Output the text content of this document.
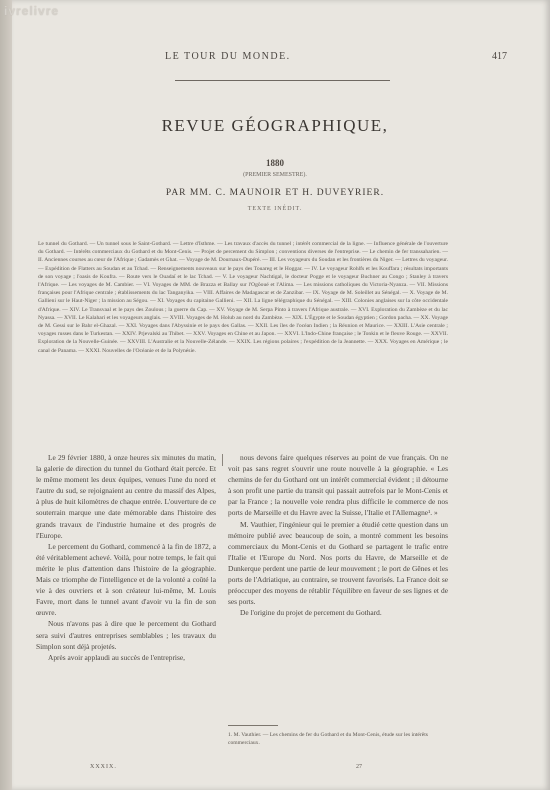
ivrelivre
LE TOUR DU MONDE.	417
REVUE GÉOGRAPHIQUE,
1880
(PREMIER SEMESTRE).
PAR MM. C. MAUNOIR ET H. DUVEYRIER.
TEXTE INÉDIT.
Le tunnel du Gothard. — Un tunnel sous le Saint-Gothard. — Lettre d'Isthme. — Les travaux d'accès du tunnel ; intérêt commercial de la ligne. — Influence générale de l'ouverture du Gothard. — Intérêts commerciaux du Gothard et du Mont-Cenis. — Projet de percement du Simplon ; conventions diverses de l'entreprise. — Le chemin de fer transsaharien. — II. Anciennes courses au cœur de l'Afrique ; Gadamès et Ghat. — Voyage de M. Dournaux-Dupéré. — III. Les voyageurs du Soudan et les frontières du Niger. — Lettres du voyageur. — Expédition de Flatters au Soudan et au Tchad. — Renseignements nouveaux sur le pays des Touareg et le Hoggar. — IV. Le voyageur Rohlfs et les Kouffara ; résultats importants de son voyage ; l'oasis de Koufra. — Route vers le Ouadaï et le lac Tchad. — V. Le voyageur Nachtigal, le docteur Pogge et le voyageur Buchner au Congo ; Stanley à travers l'Afrique. — Les voyages de M. Cambier. — VI. Voyages de MM. de Brazza et Ballay sur l'Ogôoué et l'Alima. — Les missions catholiques du Victoria-Nyanza. — VII. Missions françaises pour l'Afrique centrale ; établissements du lac Tanganyika. — VIII. Affaires de Madagascar et de Zanzibar. — IX. Voyage de M. Soleillet au Sénégal. — X. Voyage de M. Gallieni sur le Haut-Niger ; la mission au Ségou. — XI. Voyages du capitaine Gallieni. — XII. La ligne télégraphique du Sénégal. — XIII. Colonies anglaises sur la côte occidentale d'Afrique. — XIV. Le Transvaal et le pays des Zoulous ; la guerre du Cap. — XV. Voyage de M. Serpa Pinto à travers l'Afrique australe. — XVI. Exploration du Zambèze et du lac Nyassa. — XVII. Le Kalahari et les voyageurs anglais. — XVIII. Voyages de M. Holub au nord du Zambèze. — XIX. L'Égypte et le Soudan égyptien ; Gordon pacha. — XX. Voyage de M. Gessi sur le Bahr el-Ghazal. — XXI. Voyages dans l'Abyssinie et le pays des Gallas. — XXII. Les îles de l'océan Indien ; la Réunion et Maurice. — XXIII. L'Asie centrale ; voyages russes dans le Turkestan. — XXIV. Prjevalski au Thibet. — XXV. Voyages en Chine et au Japon. — XXVI. L'Indo-Chine française ; le Tonkin et le fleuve Rouge. — XXVII. Exploration de la Nouvelle-Guinée. — XXVIII. L'Australie et la Nouvelle-Zélande. — XXIX. Les régions polaires ; l'expédition de la Jeannette. — XXX. Voyages en Amérique ; le canal de Panama. — XXXI. Nouvelles de l'Océanie et de la Polynésie.

Le 29 février 1880, à onze heures six minutes du matin, la galerie de direction du tunnel du Gothard était percée. Et le même moment les deux équipes, venues l'une du nord et l'autre du sud, se rejoignaient au centre du massif des Alpes, à plus de huit kilomètres de chaque entrée. L'ouverture de ce souterrain marque une date mémorable dans l'histoire des grands travaux de l'industrie humaine et des progrès de l'Europe.

Le percement du Gothard, commencé à la fin de 1872, a été véritablement achevé. Voilà, pour notre temps, le fait qui mérite le plus d'attention dans l'histoire de la géographie. Mais ce triomphe de l'intelligence et de la volonté a coûté la vie à des ouvriers et à son créateur lui-même, M. Louis Favre, mort dans le tunnel avant d'avoir vu la fin de son œuvre.

Nous n'avons pas à dire que le percement du Gothard sera suivi d'autres entreprises semblables ; les travaux du Simplon sont déjà projetés.

Après avoir applaudi au succès de l'entreprise,

nous devons faire quelques réserves au point de vue français. On ne voit pas sans regret s'ouvrir une route nouvelle à la géographie. « Les chemins de fer du Gothard ont un intérêt commercial évident ; il détourne à son profit une partie du transit qui passait autrefois par le Mont-Cenis et par la France ; la nouvelle voie rendra plus difficile le commerce de nos ports de Marseille et du Havre avec la Suisse, l'Italie et l'Allemagne¹. »

M. Vauthier, l'ingénieur qui le premier a étudié cette question dans un mémoire publié avec beaucoup de soin, a montré comment les besoins commerciaux du Mont-Cenis et du Gothard se partagent le trafic entre l'Italie et l'Europe du Nord. Nos ports du Havre, de Marseille et de Dunkerque perdent une partie de leur mouvement ; le port de Gênes et les ports de l'Adriatique, au contraire, se trouvent favorisés. La France doit se préoccuper des moyens de rétablir l'équilibre en faveur de ses lignes et de ses ports.

De l'origine du projet de percement du Gothard.

1. M. Vauthier. — Les chemins de fer du Gothard et du Mont-Cenis, étude sur les intérêts commerciaux.
XXXIX.	27
